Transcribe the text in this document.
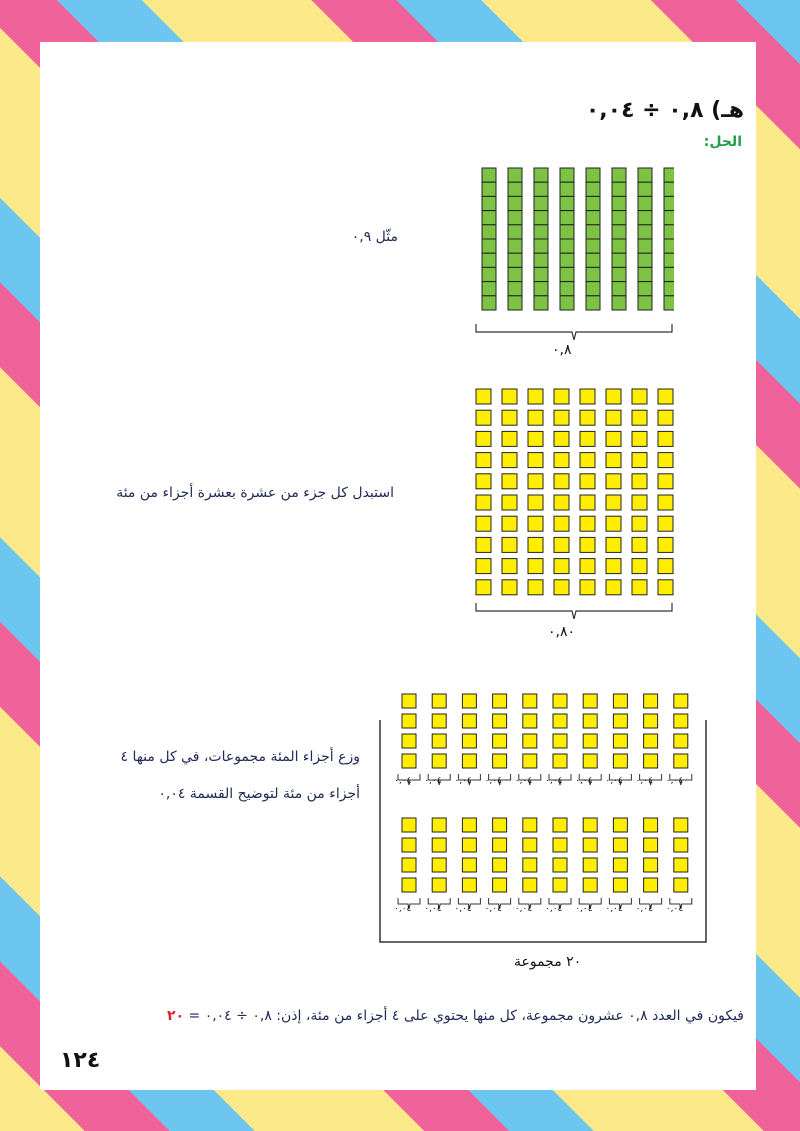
هـ) ٠,٨ ÷ ٠,٠٤
الحل:
مثّل ٠,٩
٠,٨
استبدل كل جزء من عشرة بعشرة أجزاء من مئة
٠,٨٠
وزع أجزاء المئة مجموعات، في كل منها ٤
أجزاء من مئة لتوضيح القسمة ٠,٠٤
٠,٠٤ ٠,٠٤ ٠,٠٤ ٠,٠٤ ٠,٠٤ ٠,٠٤ ٠,٠٤ ٠,٠٤ ٠,٠٤ ٠,٠٤
٠,٠٤ ٠,٠٤ ٠,٠٤ ٠,٠٤ ٠,٠٤ ٠,٠٤ ٠,٠٤ ٠,٠٤ ٠,٠٤ ٠,٠٤
٢٠ مجموعة
فيكون في العدد ٠,٨ عشرون مجموعة، كل منها يحتوي على ٤ أجزاء من مئة، إذن: ٠,٨ ÷ ٠,٠٤ = ٢٠
١٢٤
